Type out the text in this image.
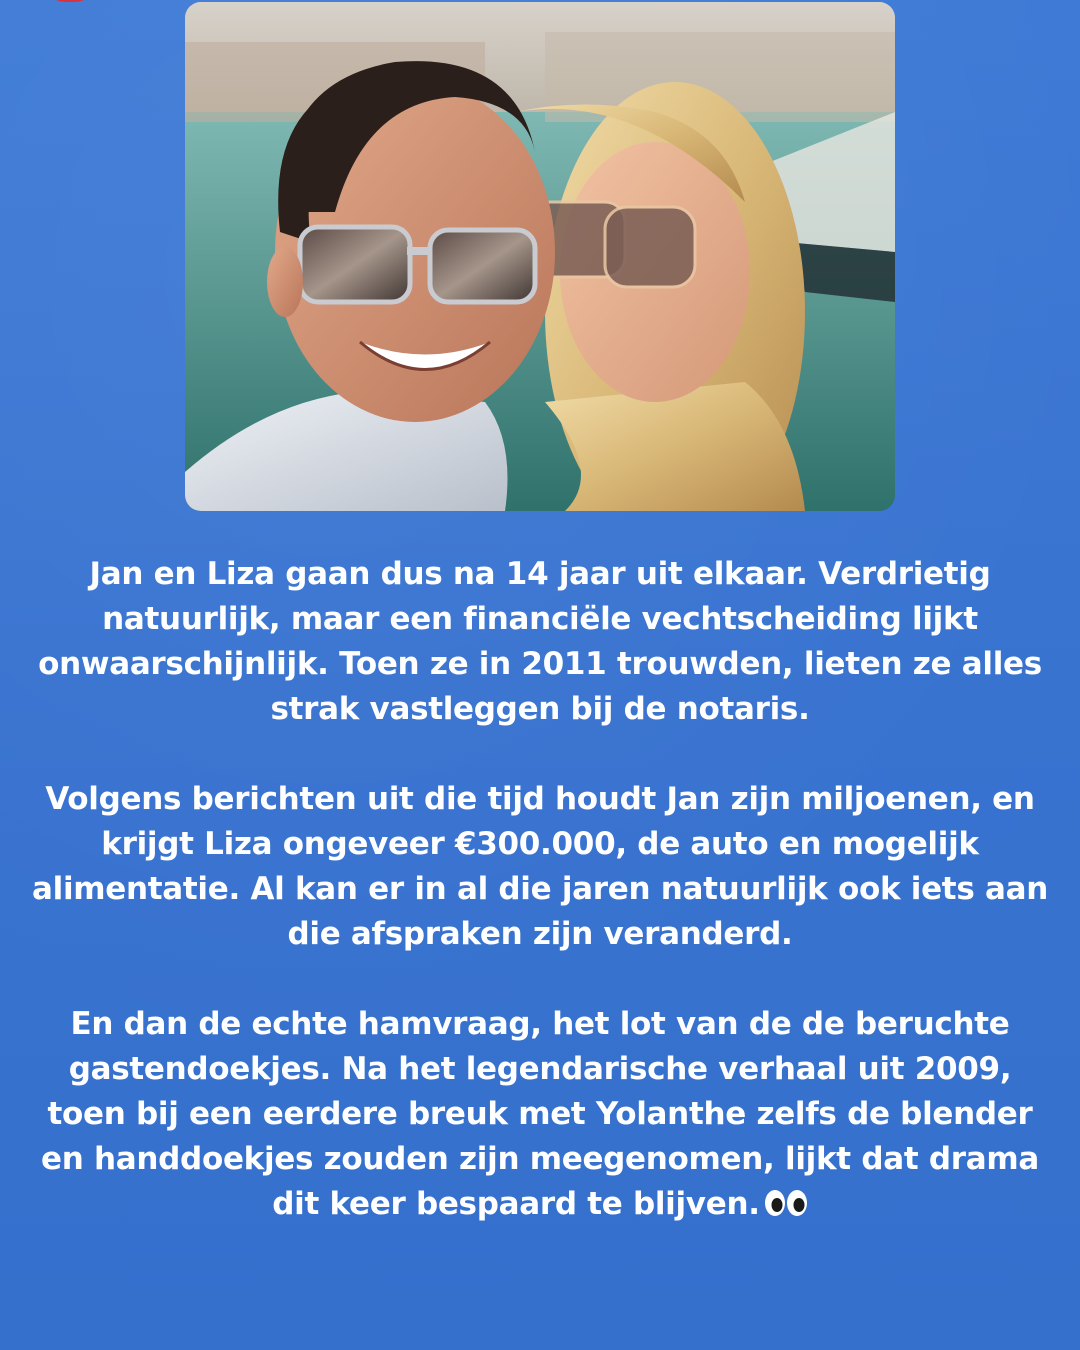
Jan en Liza gaan dus na 14 jaar uit elkaar. Verdrietig natuurlijk, maar een financiële vechtscheiding lijkt onwaarschijnlijk. Toen ze in 2011 trouwden, lieten ze alles strak vastleggen bij de notaris.

Volgens berichten uit die tijd houdt Jan zijn miljoenen, en krijgt Liza ongeveer €300.000, de auto en mogelijk alimentatie. Al kan er in al die jaren natuurlijk ook iets aan die afspraken zijn veranderd.

En dan de echte hamvraag, het lot van de de beruchte gastendoekjes. Na het legendarische verhaal uit 2009, toen bij een eerdere breuk met Yolanthe zelfs de blender en handdoekjes zouden zijn meegenomen, lijkt dat drama dit keer bespaard te blijven.
